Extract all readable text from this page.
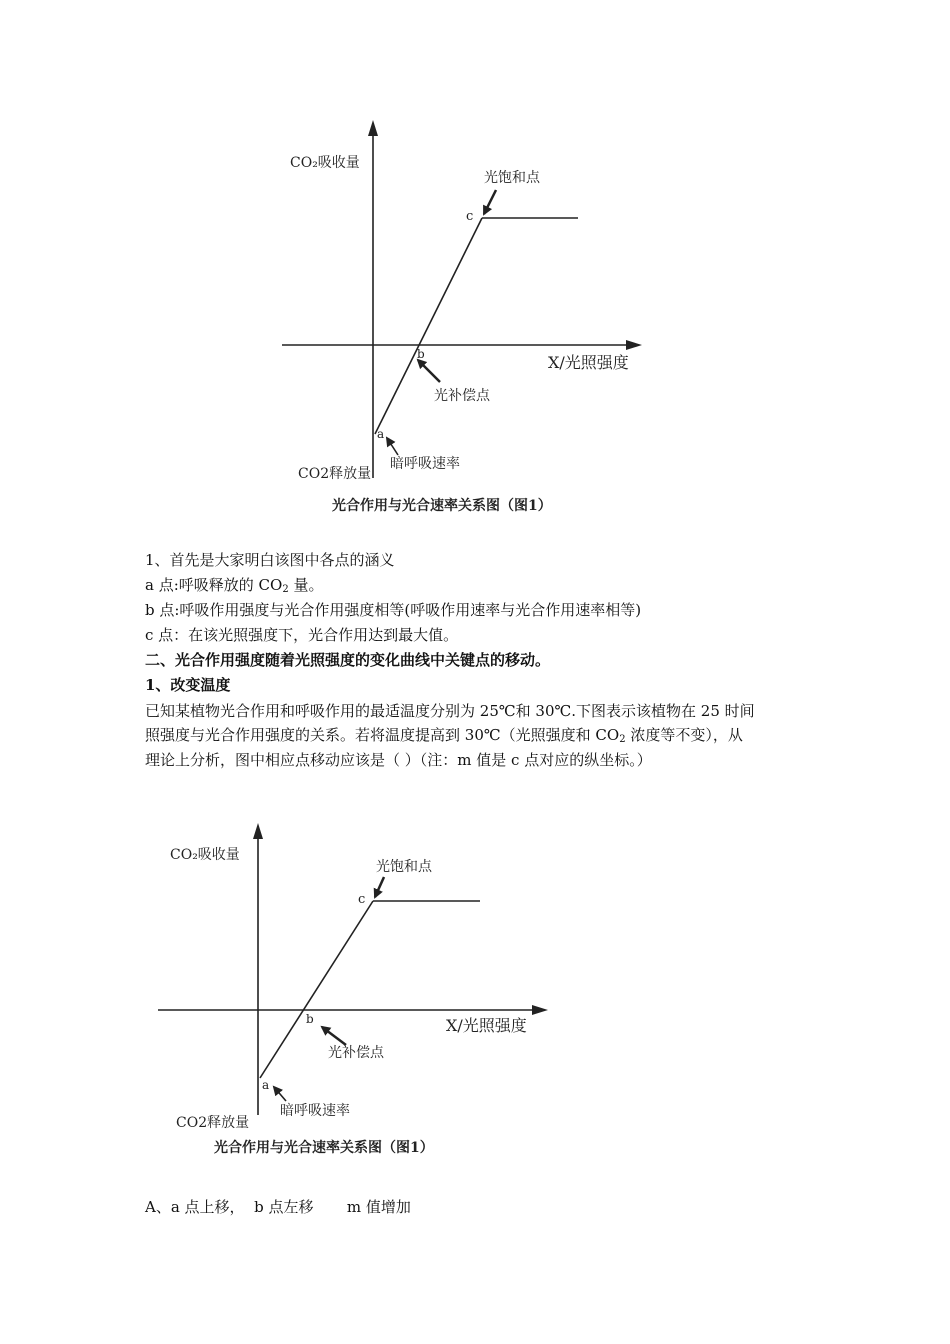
CO₂吸收量
CO2释放量
X/光照强度
光饱和点
光补偿点
暗呼吸速率
a
b
c
光合作用与光合速率关系图（图1）
1、首先是大家明白该图中各点的涵义
a 点:呼吸释放的 $CO_2$ 量。
b 点:呼吸作用强度与光合作用强度相等(呼吸作用速率与光合作用速率相等)
c 点：在该光照强度下，光合作用达到最大值。
二、光合作用强度随着光照强度的变化曲线中关键点的移动。
1、改变温度
已知某植物光合作用和呼吸作用的最适温度分别为 25℃和 30℃.下图表示该植物在 25 时间
照强度与光合作用强度的关系。若将温度提高到 30℃（光照强度和 $CO_2$ 浓度等不变），从
理论上分析，图中相应点移动应该是（ ）（注：m 值是 c 点对应的纵坐标。）
CO₂吸收量
CO2释放量
X/光照强度
光饱和点
光补偿点
暗呼吸速率
a
b
c
光合作用与光合速率关系图（图1）
A、a 点上移，  b 点左移       m 值增加
